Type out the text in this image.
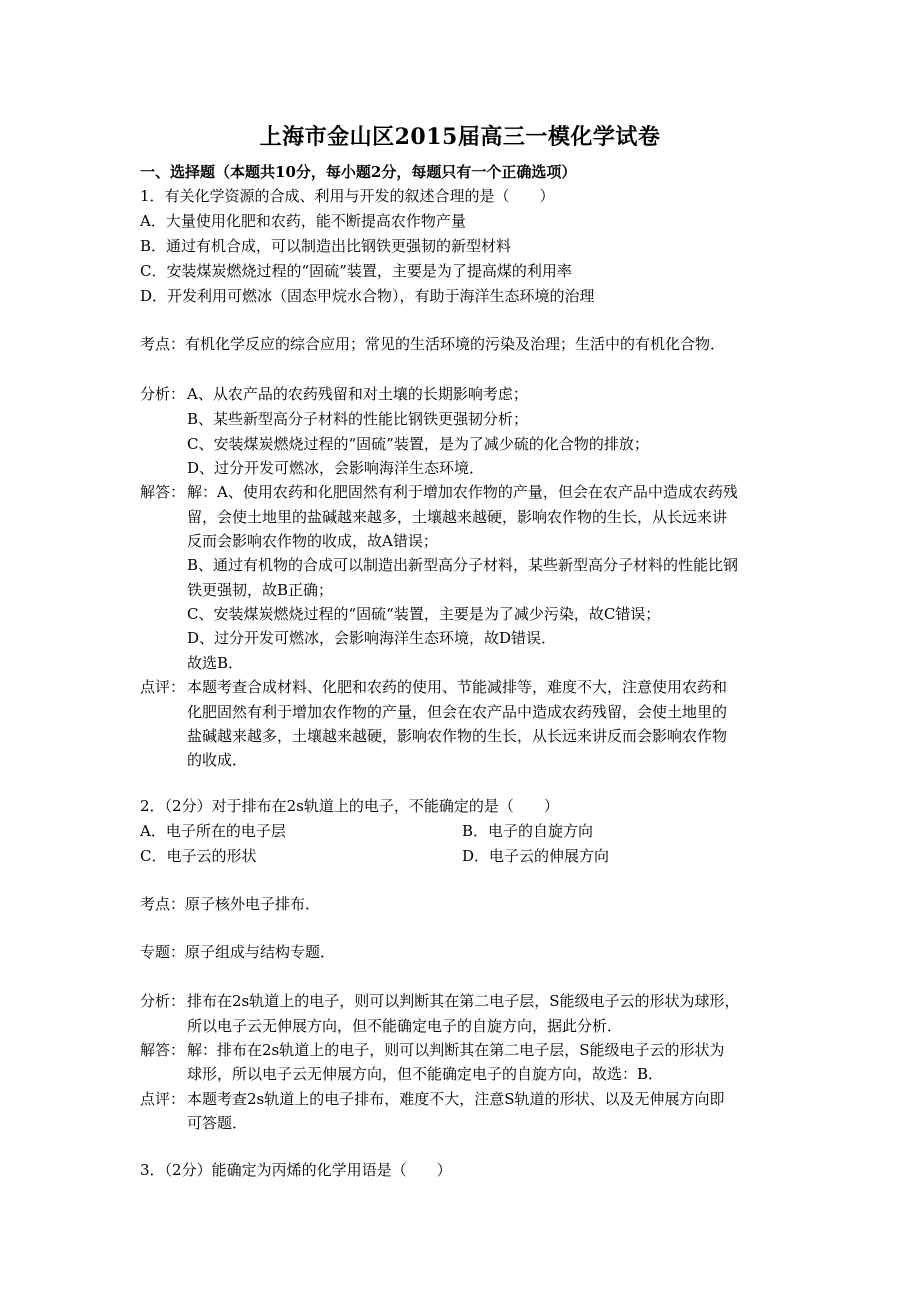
上海市金山区2015届高三一模化学试卷
一、选择题（本题共10分，每小题2分，每题只有一个正确选项）
1．有关化学资源的合成、利用与开发的叙述合理的是（　　）
A．大量使用化肥和农药，能不断提高农作物产量
B．通过有机合成，可以制造出比钢铁更强韧的新型材料
C．安装煤炭燃烧过程的“固硫”装置，主要是为了提高煤的利用率
D．开发利用可燃冰（固态甲烷水合物），有助于海洋生态环境的治理
考点：有机化学反应的综合应用；常见的生活环境的污染及治理；生活中的有机化合物．
分析： A、从农产品的农药残留和对土壤的长期影响考虑；
B、某些新型高分子材料的性能比钢铁更强韧分析；
C、安装煤炭燃烧过程的“固硫”装置，是为了减少硫的化合物的排放；
D、过分开发可燃冰，会影响海洋生态环境．
解答： 解：A、使用农药和化肥固然有利于增加农作物的产量，但会在农产品中造成农药残
留，会使土地里的盐碱越来越多，土壤越来越硬，影响农作物的生长，从长远来讲
反而会影响农作物的收成，故A错误；
B、通过有机物的合成可以制造出新型高分子材料，某些新型高分子材料的性能比钢
铁更强韧，故B正确；
C、安装煤炭燃烧过程的“固硫“装置，主要是为了减少污染，故C错误；
D、过分开发可燃冰，会影响海洋生态环境，故D错误．
故选B．
点评： 本题考查合成材料、化肥和农药的使用、节能减排等，难度不大，注意使用农药和
化肥固然有利于增加农作物的产量，但会在农产品中造成农药残留，会使土地里的
盐碱越来越多，土壤越来越硬，影响农作物的生长，从长远来讲反而会影响农作物
的收成．
2．（2分）对于排布在2s轨道上的电子，不能确定的是（　　）
A．电子所在的电子层	B．电子的自旋方向
C．电子云的形状	D．电子云的伸展方向
考点：原子核外电子排布．
专题：原子组成与结构专题．
分析： 排布在2s轨道上的电子，则可以判断其在第二电子层，S能级电子云的形状为球形，
所以电子云无伸展方向，但不能确定电子的自旋方向，据此分析．
解答： 解：排布在2s轨道上的电子，则可以判断其在第二电子层，S能级电子云的形状为
球形，所以电子云无伸展方向，但不能确定电子的自旋方向，故选：B．
点评： 本题考查2s轨道上的电子排布，难度不大，注意S轨道的形状、以及无伸展方向即
可答题．
3．（2分）能确定为丙烯的化学用语是（　　）
